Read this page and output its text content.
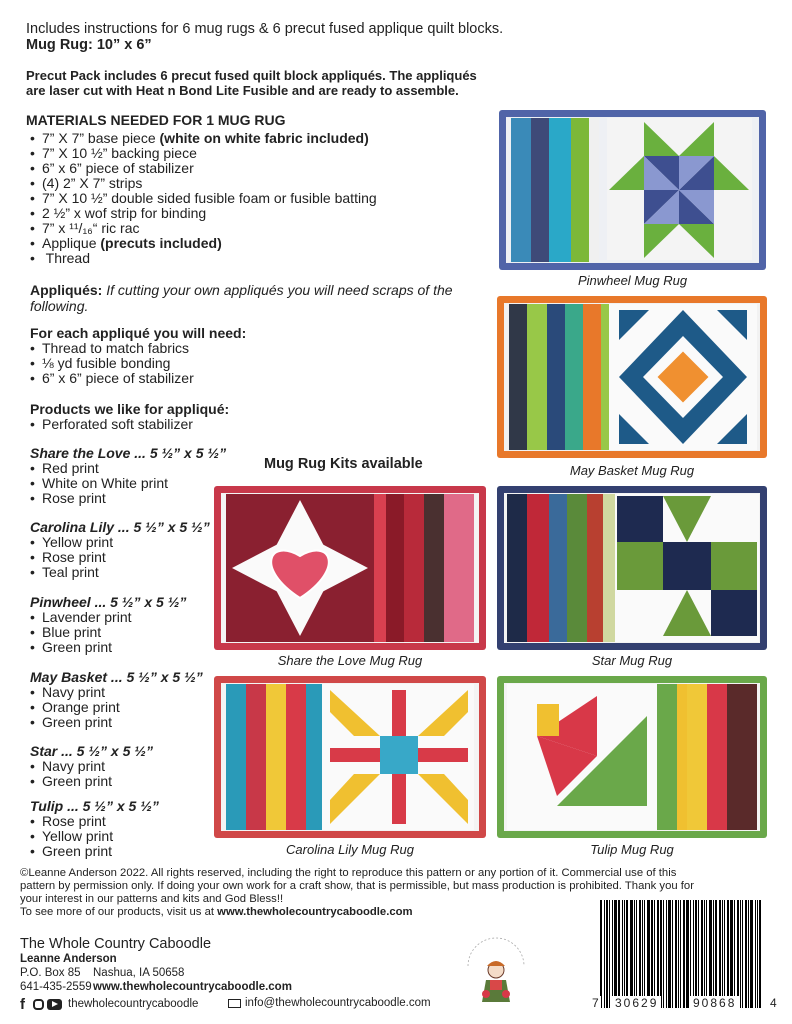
Includes instructions for 6 mug rugs & 6 precut fused applique quilt blocks.
Mug Rug: 10” x 6”
Precut Pack includes 6 precut fused quilt block appliqués. The appliqués
are laser cut with Heat n Bond Lite Fusible and are ready to assemble.
MATERIALS NEEDED FOR 1 MUG RUG
• 7” X 7” base piece (white on white fabric included)
• 7” X 10 ½” backing piece
• 6” x 6” piece of stabilizer
• (4) 2” X 7” strips
• 7” X 10 ½” double sided fusible foam or fusible batting
• 2 ½” x wof strip for binding
• 7” x ¹¹/₁₆“ ric rac
• Applique (precuts included)
• Thread
Appliqués: If cutting your own appliqués you will need scraps of the
following.
For each appliqué you will need:
• Thread to match fabrics
• ⅛ yd fusible bonding
• 6” x 6” piece of stabilizer
Products we like for appliqué:
• Perforated soft stabilizer
Share the Love ... 5 ½” x 5 ½”
• Red print
• White on White print
• Rose print
Carolina Lily ... 5 ½” x 5 ½”
• Yellow print
• Rose print
• Teal print
Pinwheel ... 5 ½” x 5 ½”
• Lavender print
• Blue print
• Green print
May Basket ... 5 ½” x 5 ½”
• Navy print
• Orange print
• Green print
Star ... 5 ½” x 5 ½”
• Navy print
• Green print
Tulip ... 5 ½” x 5 ½”
• Rose print
• Yellow print
• Green print
Mug Rug Kits available
Pinwheel Mug Rug
May Basket Mug Rug
Share the Love Mug Rug	Star Mug Rug
Carolina Lily Mug Rug	Tulip Mug Rug
©Leanne Anderson 2022. All rights reserved, including the right to reproduce this pattern or any portion of it. Commercial use of this
pattern by permission only. If doing your own work for a craft show, that is permissible, but mass production is prohibited. Thank you for
your interest in our patterns and kits and God Bless!!
To see more of our products, visit us at www.thewholecountrycaboodle.com
The Whole Country Caboodle
Leanne Anderson
P.O. Box 85 Nashua, IA 50658
641-435-2559 www.thewholecountrycaboodle.com
f	thewholecountrycaboodle	info@thewholecountrycaboodle.com	7 30629	90868	4
